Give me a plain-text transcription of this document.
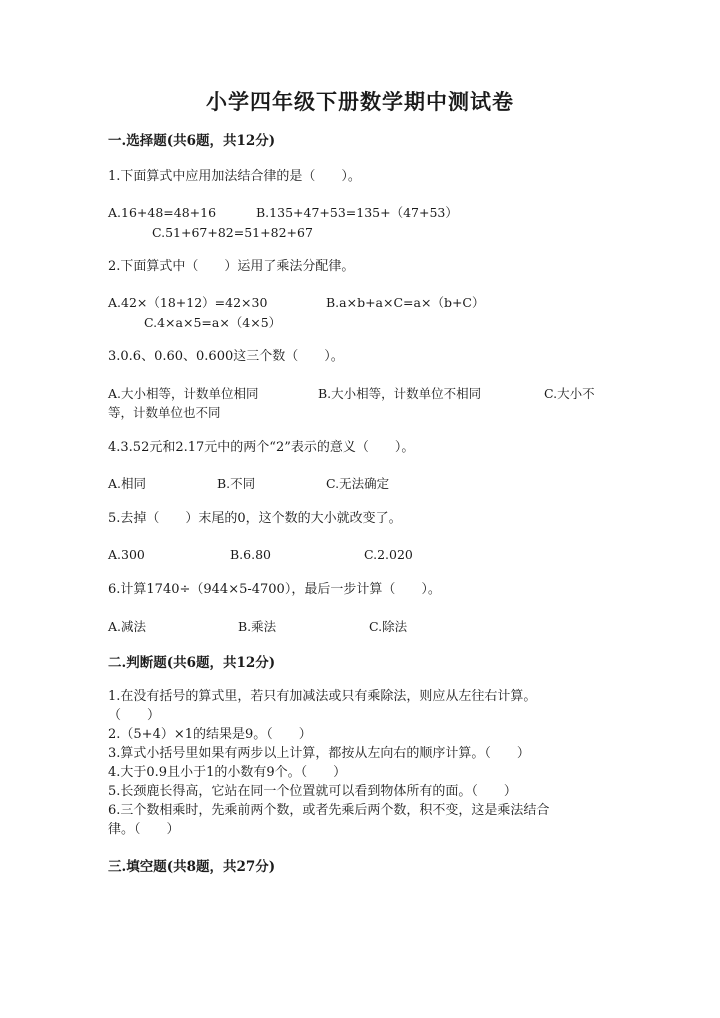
小学四年级下册数学期中测试卷
一.选择题(共6题，共12分)
1.下面算式中应用加法结合律的是（　　）。
A.16+48=48+16	B.135+47+53=135+（47+53）
C.51+67+82=51+82+67
2.下面算式中（　　）运用了乘法分配律。
A.42×（18+12）=42×30	B.a×b+a×C=a×（b+C）
C.4×a×5=a×（4×5）
3.0.6、0.60、0.600这三个数（　　）。
A.大小相等，计数单位相同	B.大小相等，计数单位不相同	C.大小不
等，计数单位也不同
4.3.52元和2.17元中的两个“2”表示的意义（　　）。
A.相同	B.不同	C.无法确定
5.去掉（　　）末尾的0，这个数的大小就改变了。
A.300	B.6.80	C.2.020
6.计算1740÷（944×5-4700），最后一步计算（　　）。
A.减法	B.乘法	C.除法
二.判断题(共6题，共12分)
1.在没有括号的算式里，若只有加减法或只有乘除法，则应从左往右计算。
（　　）
2.（5+4）×1的结果是9。（　　）
3.算式小括号里如果有两步以上计算，都按从左向右的顺序计算。（　　）
4.大于0.9且小于1的小数有9个。（　　）
5.长颈鹿长得高，它站在同一个位置就可以看到物体所有的面。（　　）
6.三个数相乘时，先乘前两个数，或者先乘后两个数，积不变，这是乘法结合
律。（　　）
三.填空题(共8题，共27分)
